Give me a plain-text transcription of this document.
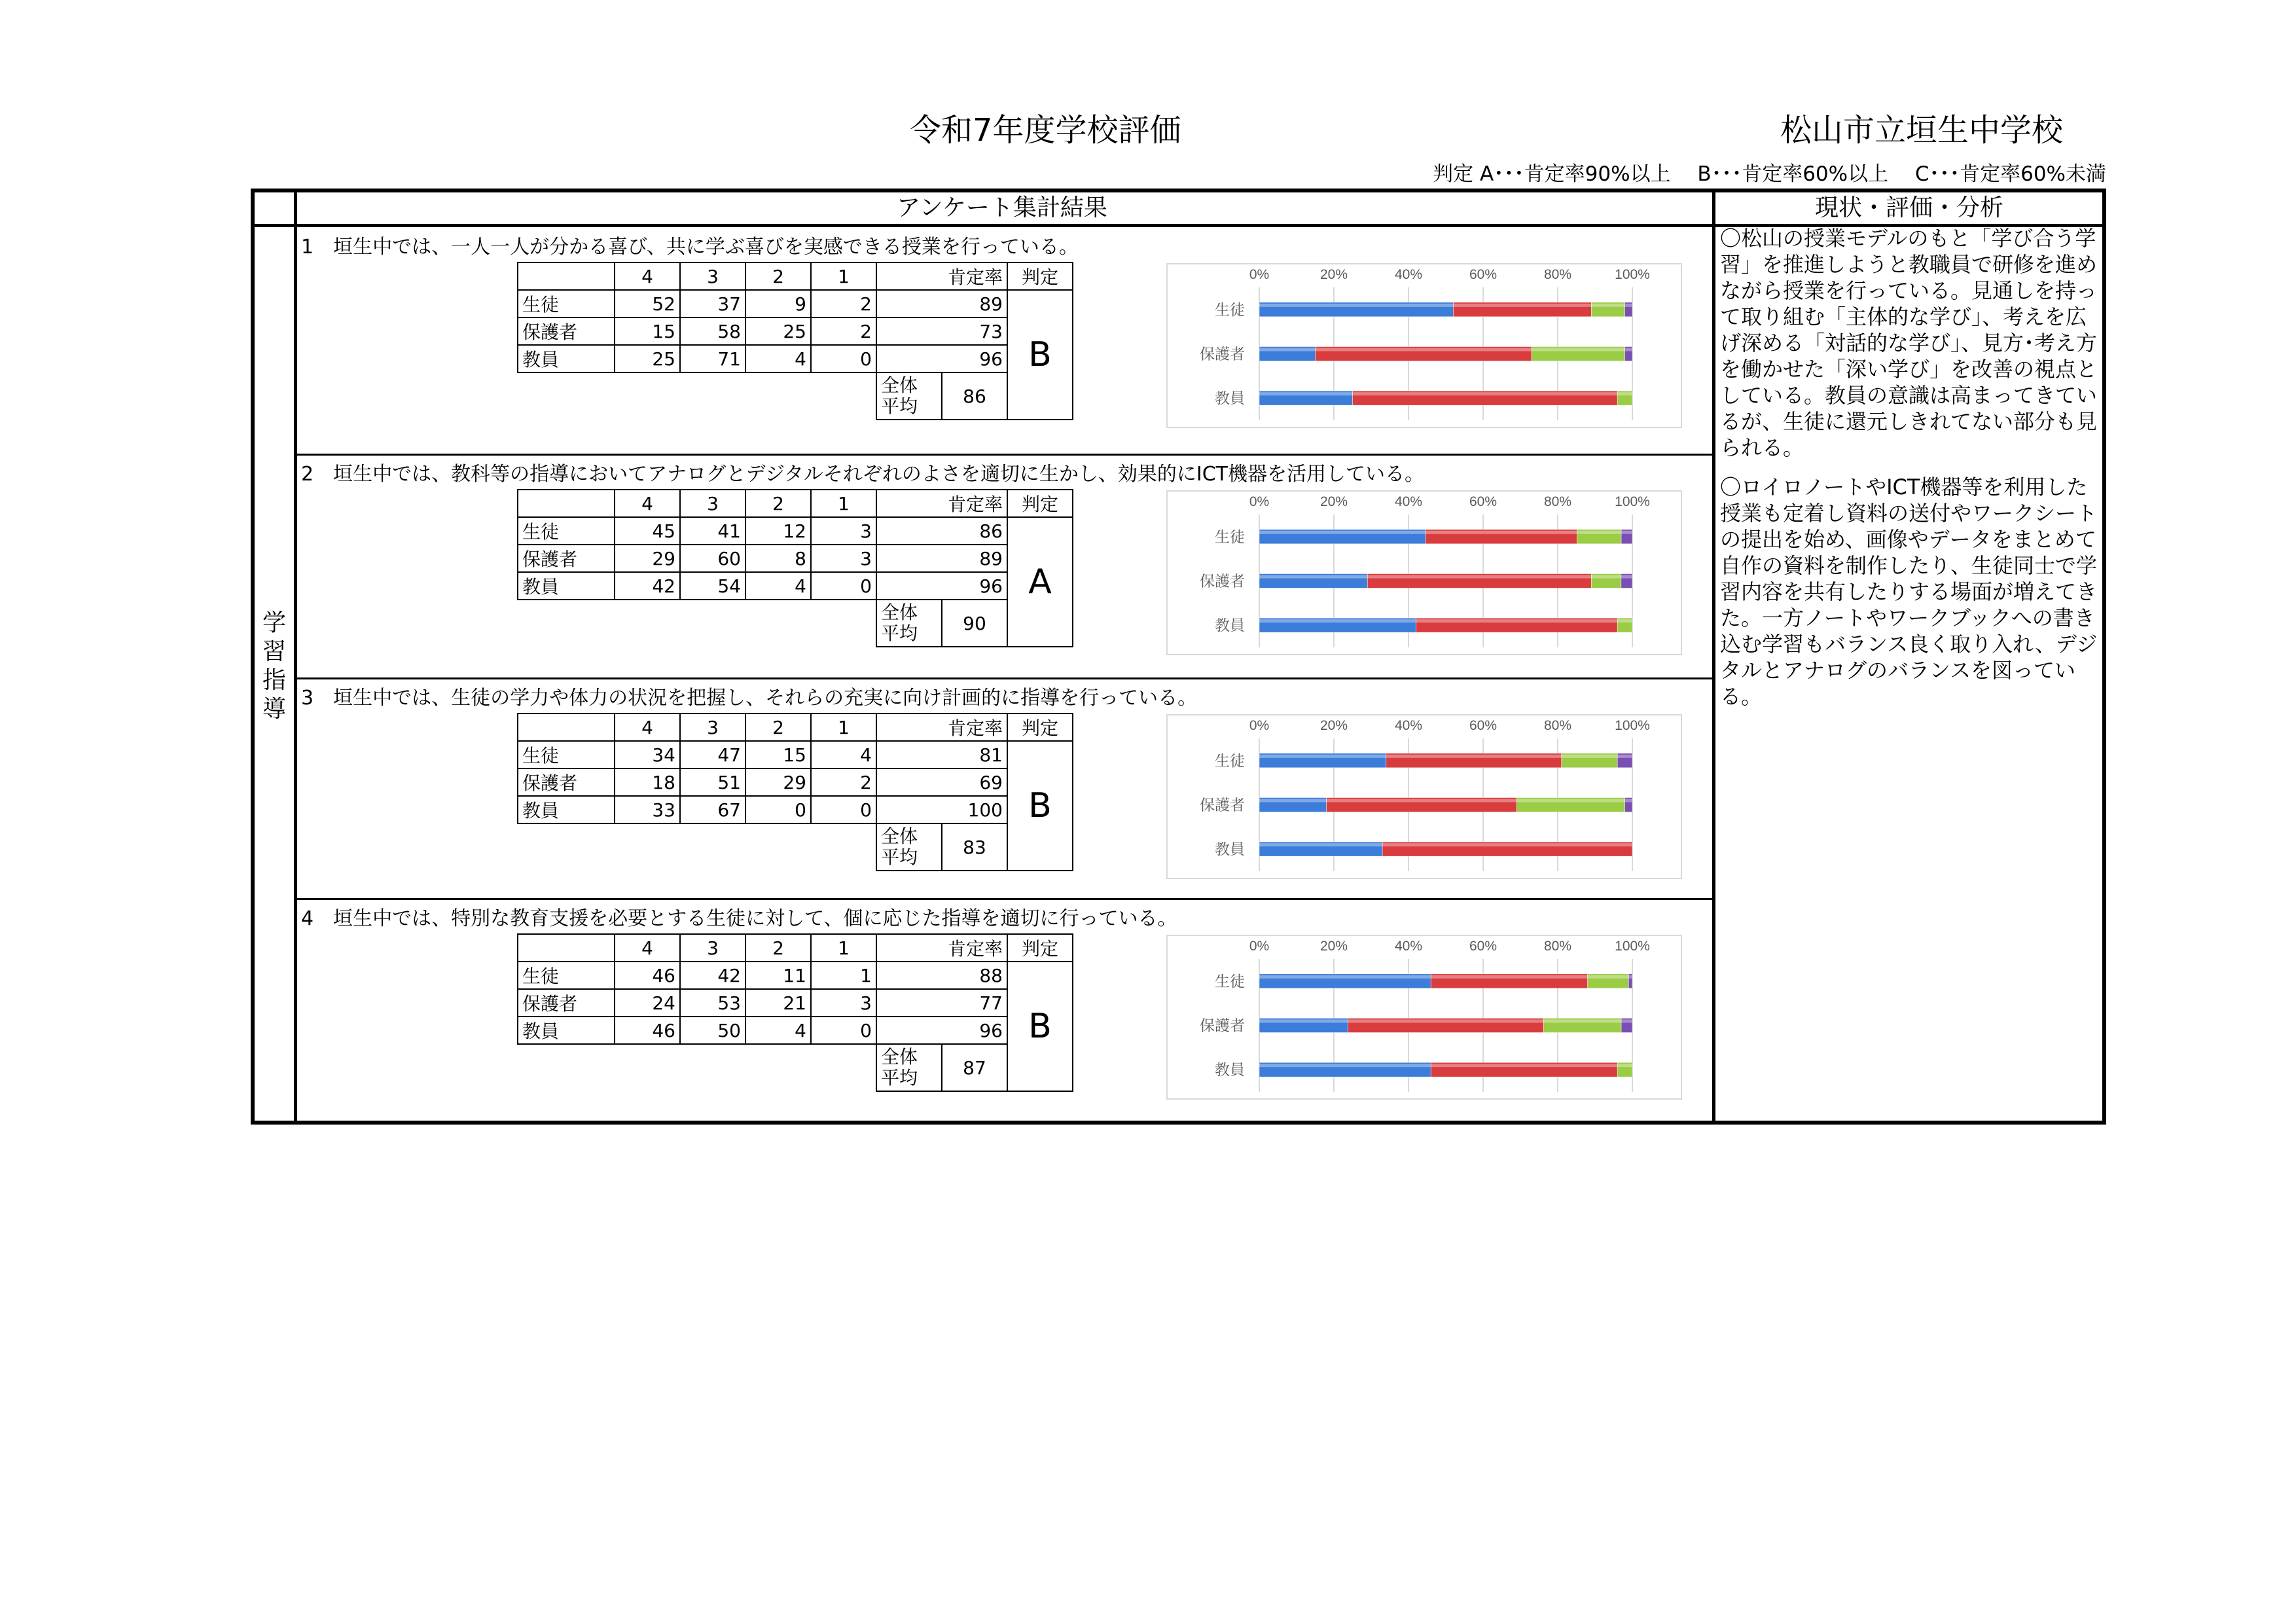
令和7年度学校評価	松山市立垣生中学校
判定 A･･･肯定率90%以上　 B･･･肯定率60%以上　 C･･･肯定率60%未満
アンケート集計結果	現状・評価・分析
学
習
指
導
1　垣生中では、一人一人が分かる喜び、共に学ぶ喜びを実感できる授業を行っている。
	4	3	2	1		肯定率	判定
生徒	52	37	9	2		89	B
保護者	15	58	25	2		73	
教員	25	71	4	0		96	

					全体
平均	86	
0%	20%	40%	60%	80%	100%
生徒
保護者
教員
2　垣生中では、教科等の指導においてアナログとデジタルそれぞれのよさを適切に生かし、効果的にICT機器を活用している。
	4	3	2	1		肯定率	判定
生徒	45	41	12	3		86	A
保護者	29	60	8	3		89	
教員	42	54	4	0		96	

					全体
平均	90	
0%	20%	40%	60%	80%	100%
生徒
保護者
教員
3　垣生中では、生徒の学力や体力の状況を把握し、それらの充実に向け計画的に指導を行っている。
	4	3	2	1		肯定率	判定
生徒	34	47	15	4		81	B
保護者	18	51	29	2		69	
教員	33	67	0	0		100	

					全体
平均	83	
0%	20%	40%	60%	80%	100%
生徒
保護者
教員
4　垣生中では、特別な教育支援を必要とする生徒に対して、個に応じた指導を適切に行っている。
	4	3	2	1		肯定率	判定
生徒	46	42	11	1		88	B
保護者	24	53	21	3		77	
教員	46	50	4	0		96	

					全体
平均	87	
0%	20%	40%	60%	80%	100%
生徒
保護者
教員

〇松山の授業モデルのもと「学び合う学習」を推進しようと教職員で研修を進めながら授業を行っている。見通しを持って取り組む「主体的な学び」、考えを広げ深める「対話的な学び」、見方･考え方を働かせた「深い学び」を改善の視点としている。教員の意識は高まってきているが、生徒に還元しきれてない部分も見られる。

〇ロイロノートやICT機器等を利用した授業も定着し資料の送付やワークシートの提出を始め、画像やデータをまとめて自作の資料を制作したり、生徒同士で学習内容を共有したりする場面が増えてきた。一方ノートやワークブックへの書き込む学習もバランス良く取り入れ、デジタルとアナログのバランスを図っている。
